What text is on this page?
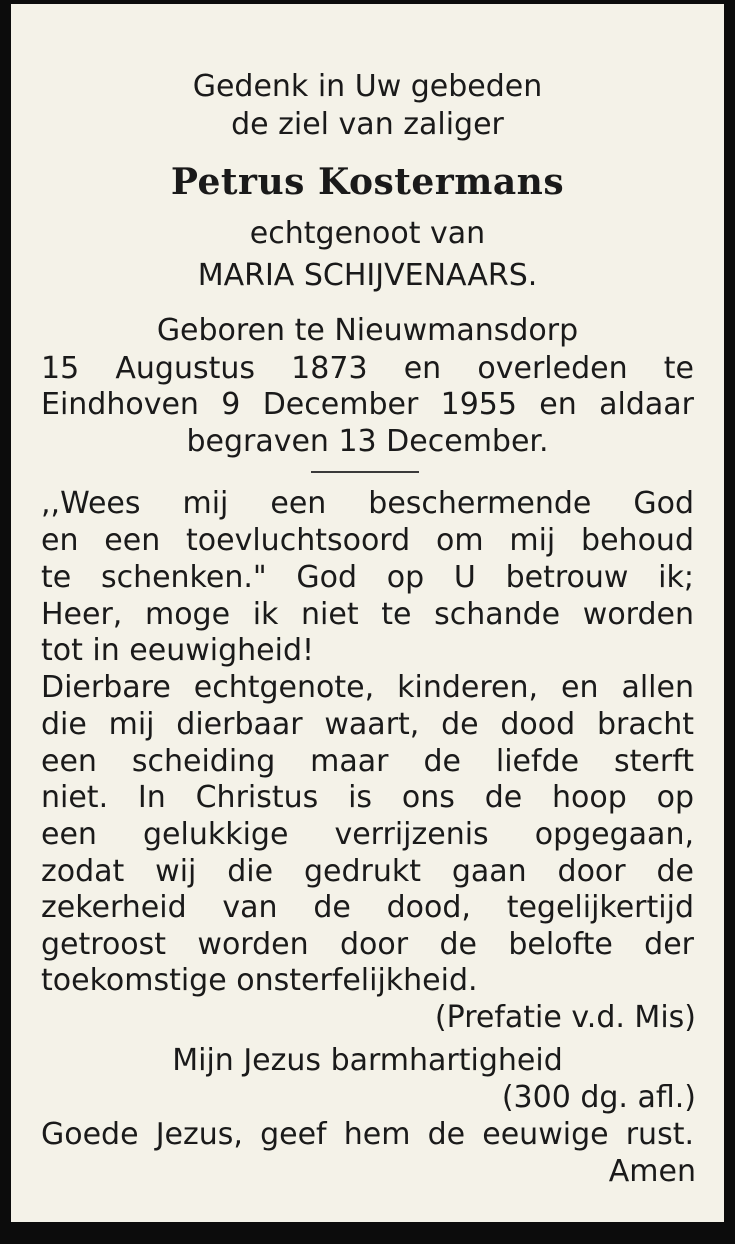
Gedenk in Uw gebeden
de ziel van zaliger
Petrus Kostermans
echtgenoot van
MARIA SCHIJVENAARS.
Geboren te Nieuwmansdorp
15 Augustus 1873 en overleden te
Eindhoven 9 December 1955 en aldaar
begraven 13 December.
,,Wees mij een beschermende God
en een toevluchtsoord om mij behoud
te schenken." God op U betrouw ik;
Heer, moge ik niet te schande worden
tot in eeuwigheid!
Dierbare echtgenote, kinderen, en allen
die mij dierbaar waart, de dood bracht
een scheiding maar de liefde sterft
niet. In Christus is ons de hoop op
een gelukkige verrijzenis opgegaan,
zodat wij die gedrukt gaan door de
zekerheid van de dood, tegelijkertijd
getroost worden door de belofte der
toekomstige onsterfelijkheid.
(Prefatie v.d. Mis)
Mijn Jezus barmhartigheid
(300 dg. afl.)
Goede Jezus, geef hem de eeuwige rust.
Amen
